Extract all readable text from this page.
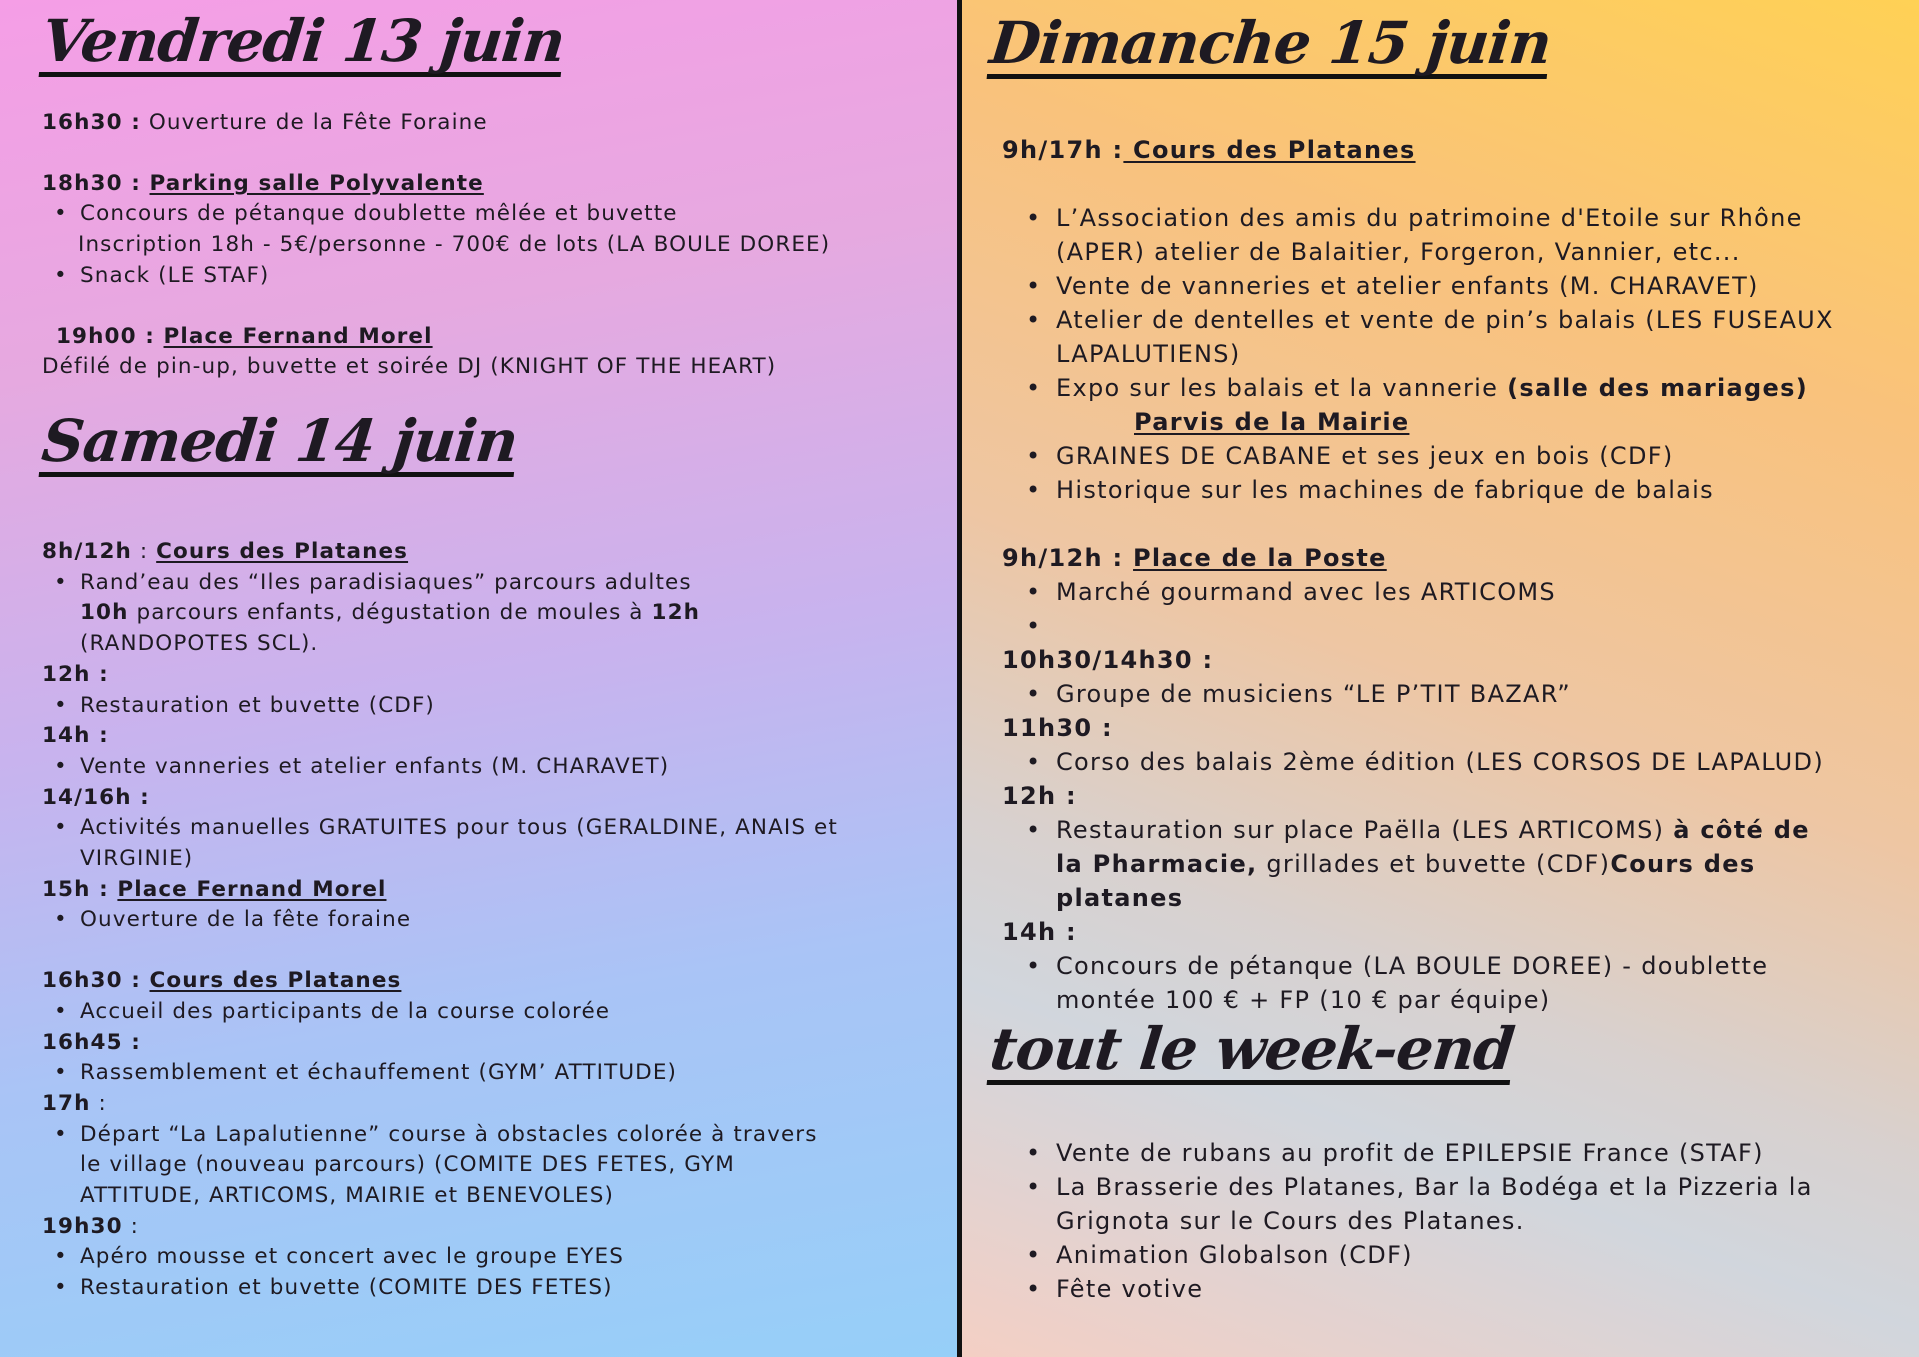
Vendredi 13 juin

16h30 : Ouverture de la Fête Foraine

18h30 : Parking salle Polyvalente

• Concours de pétanque doublette mêlée et buvette
Inscription 18h - 5€/personne - 700€ de lots (LA BOULE DOREE)
• Snack (LE STAF)

19h00 : Place Fernand Morel

Défilé de pin-up, buvette et soirée DJ (KNIGHT OF THE HEART)

Samedi 14 juin

8h/12h : Cours des Platanes

• Rand’eau des “Iles paradisiaques” parcours adultes
10h parcours enfants, dégustation de moules à 12h
(RANDOPOTES SCL).

12h :

• Restauration et buvette (CDF)

14h :

• Vente vanneries et atelier enfants (M. CHARAVET)

14/16h :

• Activités manuelles GRATUITES pour tous (GERALDINE, ANAIS et
VIRGINIE)

15h : Place Fernand Morel

• Ouverture de la fête foraine

16h30 : Cours des Platanes

• Accueil des participants de la course colorée

16h45 :

• Rassemblement et échauffement (GYM’ ATTITUDE)

17h :

• Départ “La Lapalutienne” course à obstacles colorée à travers
le village (nouveau parcours) (COMITE DES FETES, GYM
ATTITUDE, ARTICOMS, MAIRIE et BENEVOLES)

19h30 :

• Apéro mousse et concert avec le groupe EYES
• Restauration et buvette (COMITE DES FETES)
Dimanche 15 juin

9h/17h : Cours des Platanes

• L’Association des amis du patrimoine d'Etoile sur Rhône
(APER) atelier de Balaitier, Forgeron, Vannier, etc...
• Vente de vanneries et atelier enfants (M. CHARAVET)
• Atelier de dentelles et vente de pin’s balais (LES FUSEAUX
LAPALUTIENS)
• Expo sur les balais et la vannerie (salle des mariages)

Parvis de la Mairie

• GRAINES DE CABANE et ses jeux en bois (CDF)
• Historique sur les machines de fabrique de balais

9h/12h : Place de la Poste

• Marché gourmand avec les ARTICOMS
•

10h30/14h30 :

• Groupe de musiciens “LE P’TIT BAZAR”

11h30 :

• Corso des balais 2ème édition (LES CORSOS DE LAPALUD)

12h :

• Restauration sur place Paëlla (LES ARTICOMS) à côté de
la Pharmacie, grillades et buvette (CDF)Cours des
platanes

14h :

• Concours de pétanque (LA BOULE DOREE) - doublette
montée 100 € + FP (10 € par équipe)
tout le week-end
• Vente de rubans au profit de EPILEPSIE France (STAF)
• La Brasserie des Platanes, Bar la Bodéga et la Pizzeria la
Grignota sur le Cours des Platanes.
• Animation Globalson (CDF)
• Fête votive
